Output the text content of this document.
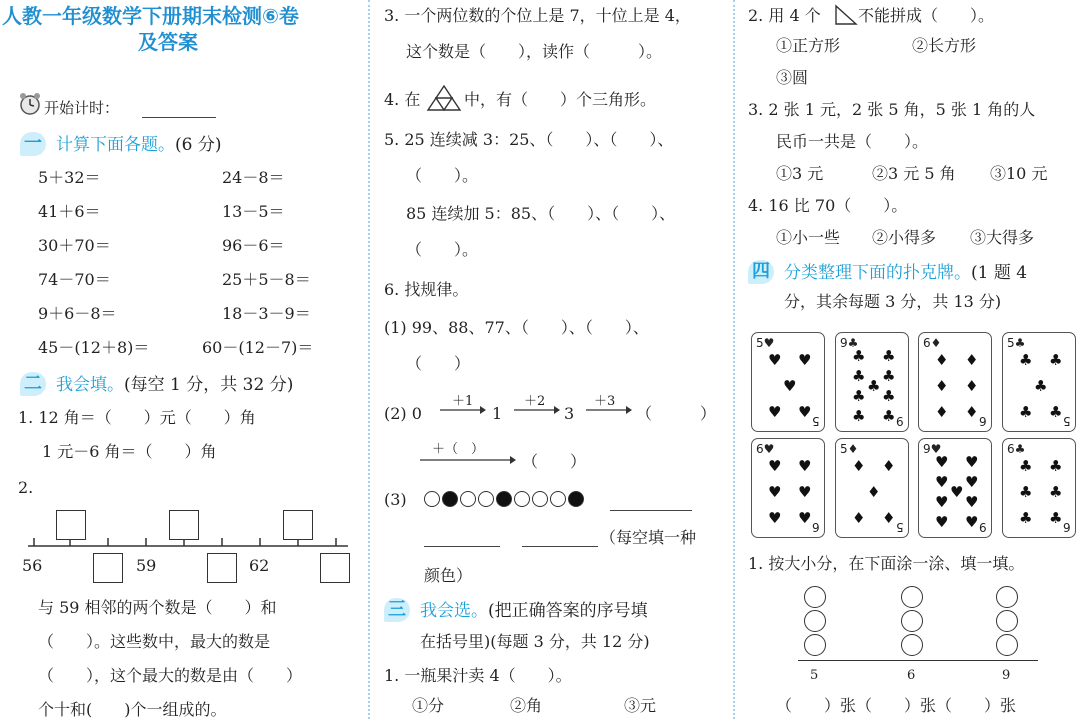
人教一年级数学下册期末检测⑥卷
及答案
开始计时：
一 计算下面各题。(6 分)
5＋32＝	24－8＝
41＋6＝	13－5＝
30＋70＝	96－6＝
74－70＝	25＋5－8＝
9＋6－8＝	18－3－9＝
45－(12＋8)＝	60－(12－7)＝
二 我会填。(每空 1 分，共 32 分)
1. 12 角＝（　　）元（　　）角
1 元－6 角＝（　　）角
2.
56	59	62
与 59 相邻的两个数是（　　）和
（　　）。这些数中，最大的数是
（　　），这个最大的数是由（　　）
个十和(　　)个一组成的。
3. 一个两位数的个位上是 7，十位上是 4，
这个数是（　　），读作（　　　）。
4. 在	中，有（　　）个三角形。
5. 25 连续减 3：25、（　　）、（　　）、
（　　）。
85 连续加 5：85、（　　）、（　　）、
（　　）。
6. 找规律。
(1) 99、88、77、（　　）、（　　）、
（　　）
(2) 0
＋1
1
＋2
3
＋3
（　　　）
＋（　）
（　　）
(3)
（每空填一种
颜色）
三 我会选。(把正确答案的序号填
在括号里)(每题 3 分，共 12 分)
1. 一瓶果汁卖 4（　　）。
①分	②角	③元
2. 用 4 个 不能拼成（　　）。
①正方形	②长方形
③圆
3. 2 张 1 元，2 张 5 角，5 张 1 角的人
民币一共是（　　）。
①3 元	②3 元 5 角 ③10 元
4. 16 比 70（　　）。
①小一些 ②小得多 ③大得多
四 分类整理下面的扑克牌。(1 题 4
分，其余每题 3 分，共 13 分)
5♥
♥ ♥
♥
♥ ♥ 5
9♣
♣ ♣
♣ ♣
♣
♣ ♣
♣ ♣ 9
6♦
♦ ♦
♦ ♦
♦ ♦ 6
5♣
♣ ♣
♣
♣ ♣ 5
6♥
♥ ♥
♥ ♥
♥ ♥ 6
5♦
♦ ♦
♦
♦ ♦ 5
9♥
♥ ♥
♥ ♥
♥
♥ ♥
♥ ♥ 9
6♣
♣ ♣
♣ ♣
♣ ♣ 6
1. 按大小分，在下面涂一涂、填一填。
5	6	9
（　　）张（　　）张（　　）张
